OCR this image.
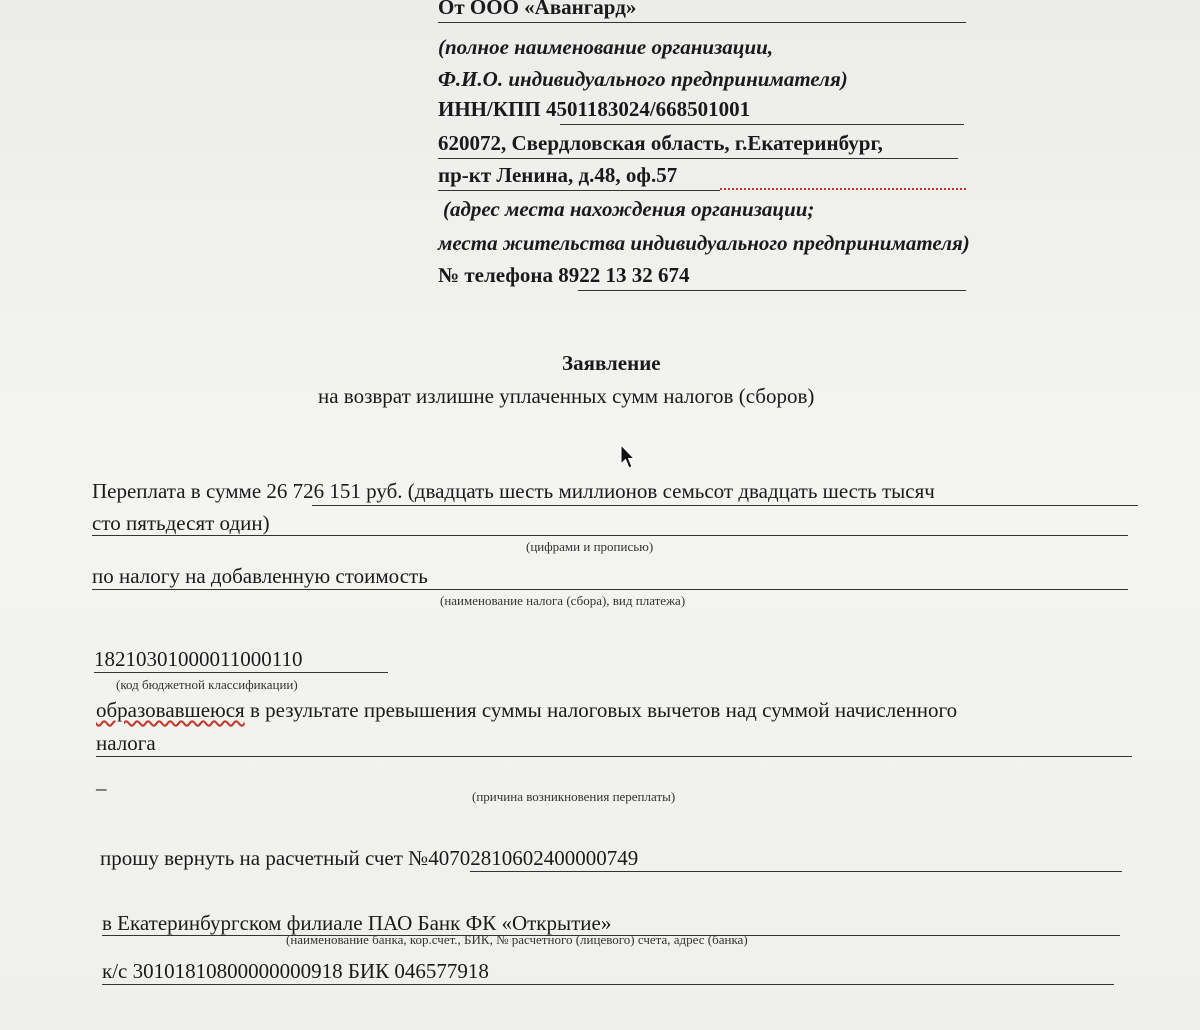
От ООО «Авангард»
(полное наименование организации,
Ф.И.О. индивидуального предпринимателя)
ИНН/КПП 4501183024/668501001
620072, Свердловская область, г.Екатеринбург,
пр-кт Ленина, д.48, оф.57
(адрес места нахождения организации;
места жительства индивидуального предпринимателя)
№ телефона 8922 13 32 674
Заявление
на возврат излишне уплаченных сумм налогов (сборов)
Переплата в сумме 26 726 151 руб. (двадцать шесть миллионов семьсот двадцать шесть тысяч
сто пятьдесят один)
(цифрами и прописью)
по налогу на добавленную стоимость
(наименование налога (сбора), вид платежа)
18210301000011000110
(код бюджетной классификации)
образовавшеюся в результате превышения суммы налоговых вычетов над суммой начисленного
налога
_
(причина возникновения переплаты)
прошу вернуть на расчетный счет №40702810602400000749
в Екатеринбургском филиале ПАО Банк ФК «Открытие»
(наименование банка, кор.счет., БИК, № расчетного (лицевого) счета, адрес (банка)
к/с 30101810800000000918 БИК 046577918
